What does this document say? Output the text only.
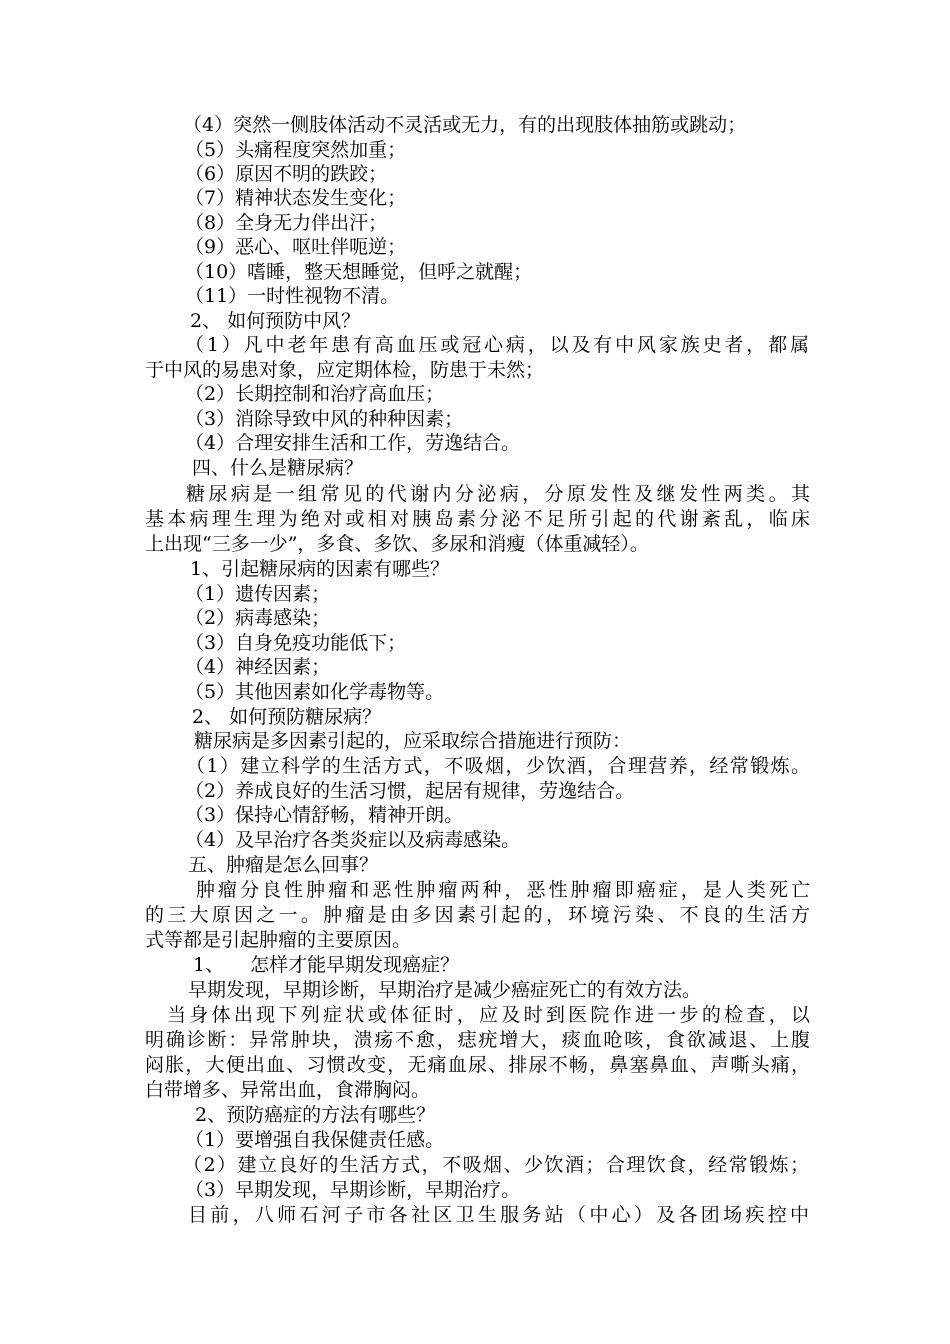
（4）突然一侧肢体活动不灵活或无力，有的出现肢体抽筋或跳动；
（5）头痛程度突然加重；
（6）原因不明的跌跤；
（7）精神状态发生变化；
（8）全身无力伴出汗；
（9）恶心、呕吐伴呃逆；
（10）嗜睡，整天想睡觉，但呼之就醒；
（11）一时性视物不清。
2、 如何预防中风？
（1）凡中老年患有高血压或冠心病，以及有中风家族史者，都属
于中风的易患对象，应定期体检，防患于未然；
（2）长期控制和治疗高血压；
（3）消除导致中风的种种因素；
（4）合理安排生活和工作，劳逸结合。
四、什么是糖尿病？
糖尿病是一组常见的代谢内分泌病，分原发性及继发性两类。其
基本病理生理为绝对或相对胰岛素分泌不足所引起的代谢紊乱，临床
上出现“三多一少”，多食、多饮、多尿和消瘦（体重减轻）。
1、引起糖尿病的因素有哪些？
（1）遗传因素；
（2）病毒感染；
（3）自身免疫功能低下；
（4）神经因素；
（5）其他因素如化学毒物等。
2、 如何预防糖尿病？
糖尿病是多因素引起的，应采取综合措施进行预防：
（1）建立科学的生活方式，不吸烟，少饮酒，合理营养，经常锻炼。
（2）养成良好的生活习惯，起居有规律，劳逸结合。
（3）保持心情舒畅，精神开朗。
（4）及早治疗各类炎症以及病毒感染。
五、肿瘤是怎么回事？
肿瘤分良性肿瘤和恶性肿瘤两种，恶性肿瘤即癌症，是人类死亡
的三大原因之一。肿瘤是由多因素引起的，环境污染、不良的生活方
式等都是引起肿瘤的主要原因。
1、 怎样才能早期发现癌症？
早期发现，早期诊断，早期治疗是减少癌症死亡的有效方法。
当身体出现下列症状或体征时，应及时到医院作进一步的检查，以
明确诊断：异常肿块，溃疡不愈，痣疣增大，痰血呛咳，食欲减退、上腹
闷胀，大便出血、习惯改变，无痛血尿、排尿不畅，鼻塞鼻血、声嘶头痛，
白带增多、异常出血，食滞胸闷。
2、预防癌症的方法有哪些？
（1）要增强自我保健责任感。
（2）建立良好的生活方式，不吸烟、少饮酒；合理饮食，经常锻炼；
（3）早期发现，早期诊断，早期治疗。
目前，八师石河子市各社区卫生服务站（中心）及各团场疾控中
